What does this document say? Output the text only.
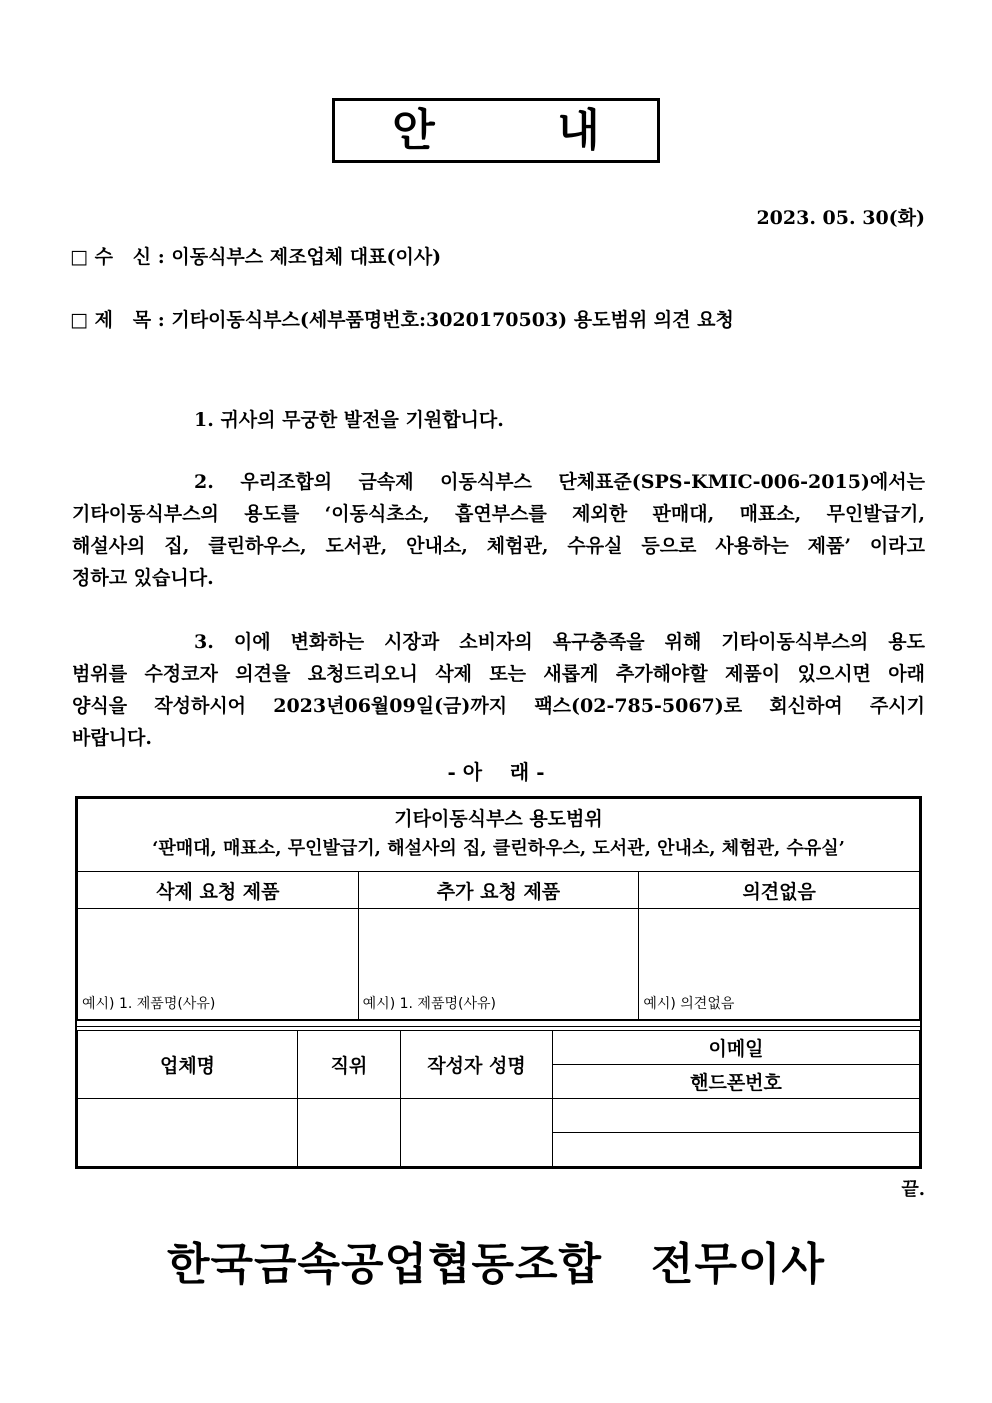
안        내
2023. 05. 30(화)
□ 수   신 : 이동식부스 제조업체 대표(이사)
□ 제   목 : 기타이동식부스(세부품명번호:3020170503) 용도범위 의견 요청
1. 귀사의 무궁한 발전을 기원합니다.
2. 우리조합의 금속제 이동식부스 단체표준(SPS-KMIC-006-2015)에서는
기타이동식부스의 용도를 ‘이동식초소, 흡연부스를 제외한 판매대, 매표소, 무인발급기,
해설사의 집, 클린하우스, 도서관, 안내소, 체험관, 수유실 등으로 사용하는 제품’ 이라고
정하고 있습니다.
3. 이에 변화하는 시장과 소비자의 욕구충족을 위해 기타이동식부스의 용도
범위를 수정코자 의견을 요청드리오니 삭제 또는 새롭게 추가해야할 제품이 있으시면 아래
양식을 작성하시어 2023년06월09일(금)까지 팩스(02-785-5067)로 회신하여 주시기
바랍니다.
- 아    래 -
기타이동식부스 용도범위
‘판매대, 매표소, 무인발급기, 해설사의 집, 클린하우스, 도서관, 안내소, 체험관, 수유실’		

삭제 요청 제품	추가 요청 제품	의견없음
예시) 1. 제품명(사유)	예시) 1. 제품명(사유)	예시) 의견없음
업체명	직위	작성자 성명	이메일
			핸드폰번호

끝.
한국금속공업협동조합   전무이사
